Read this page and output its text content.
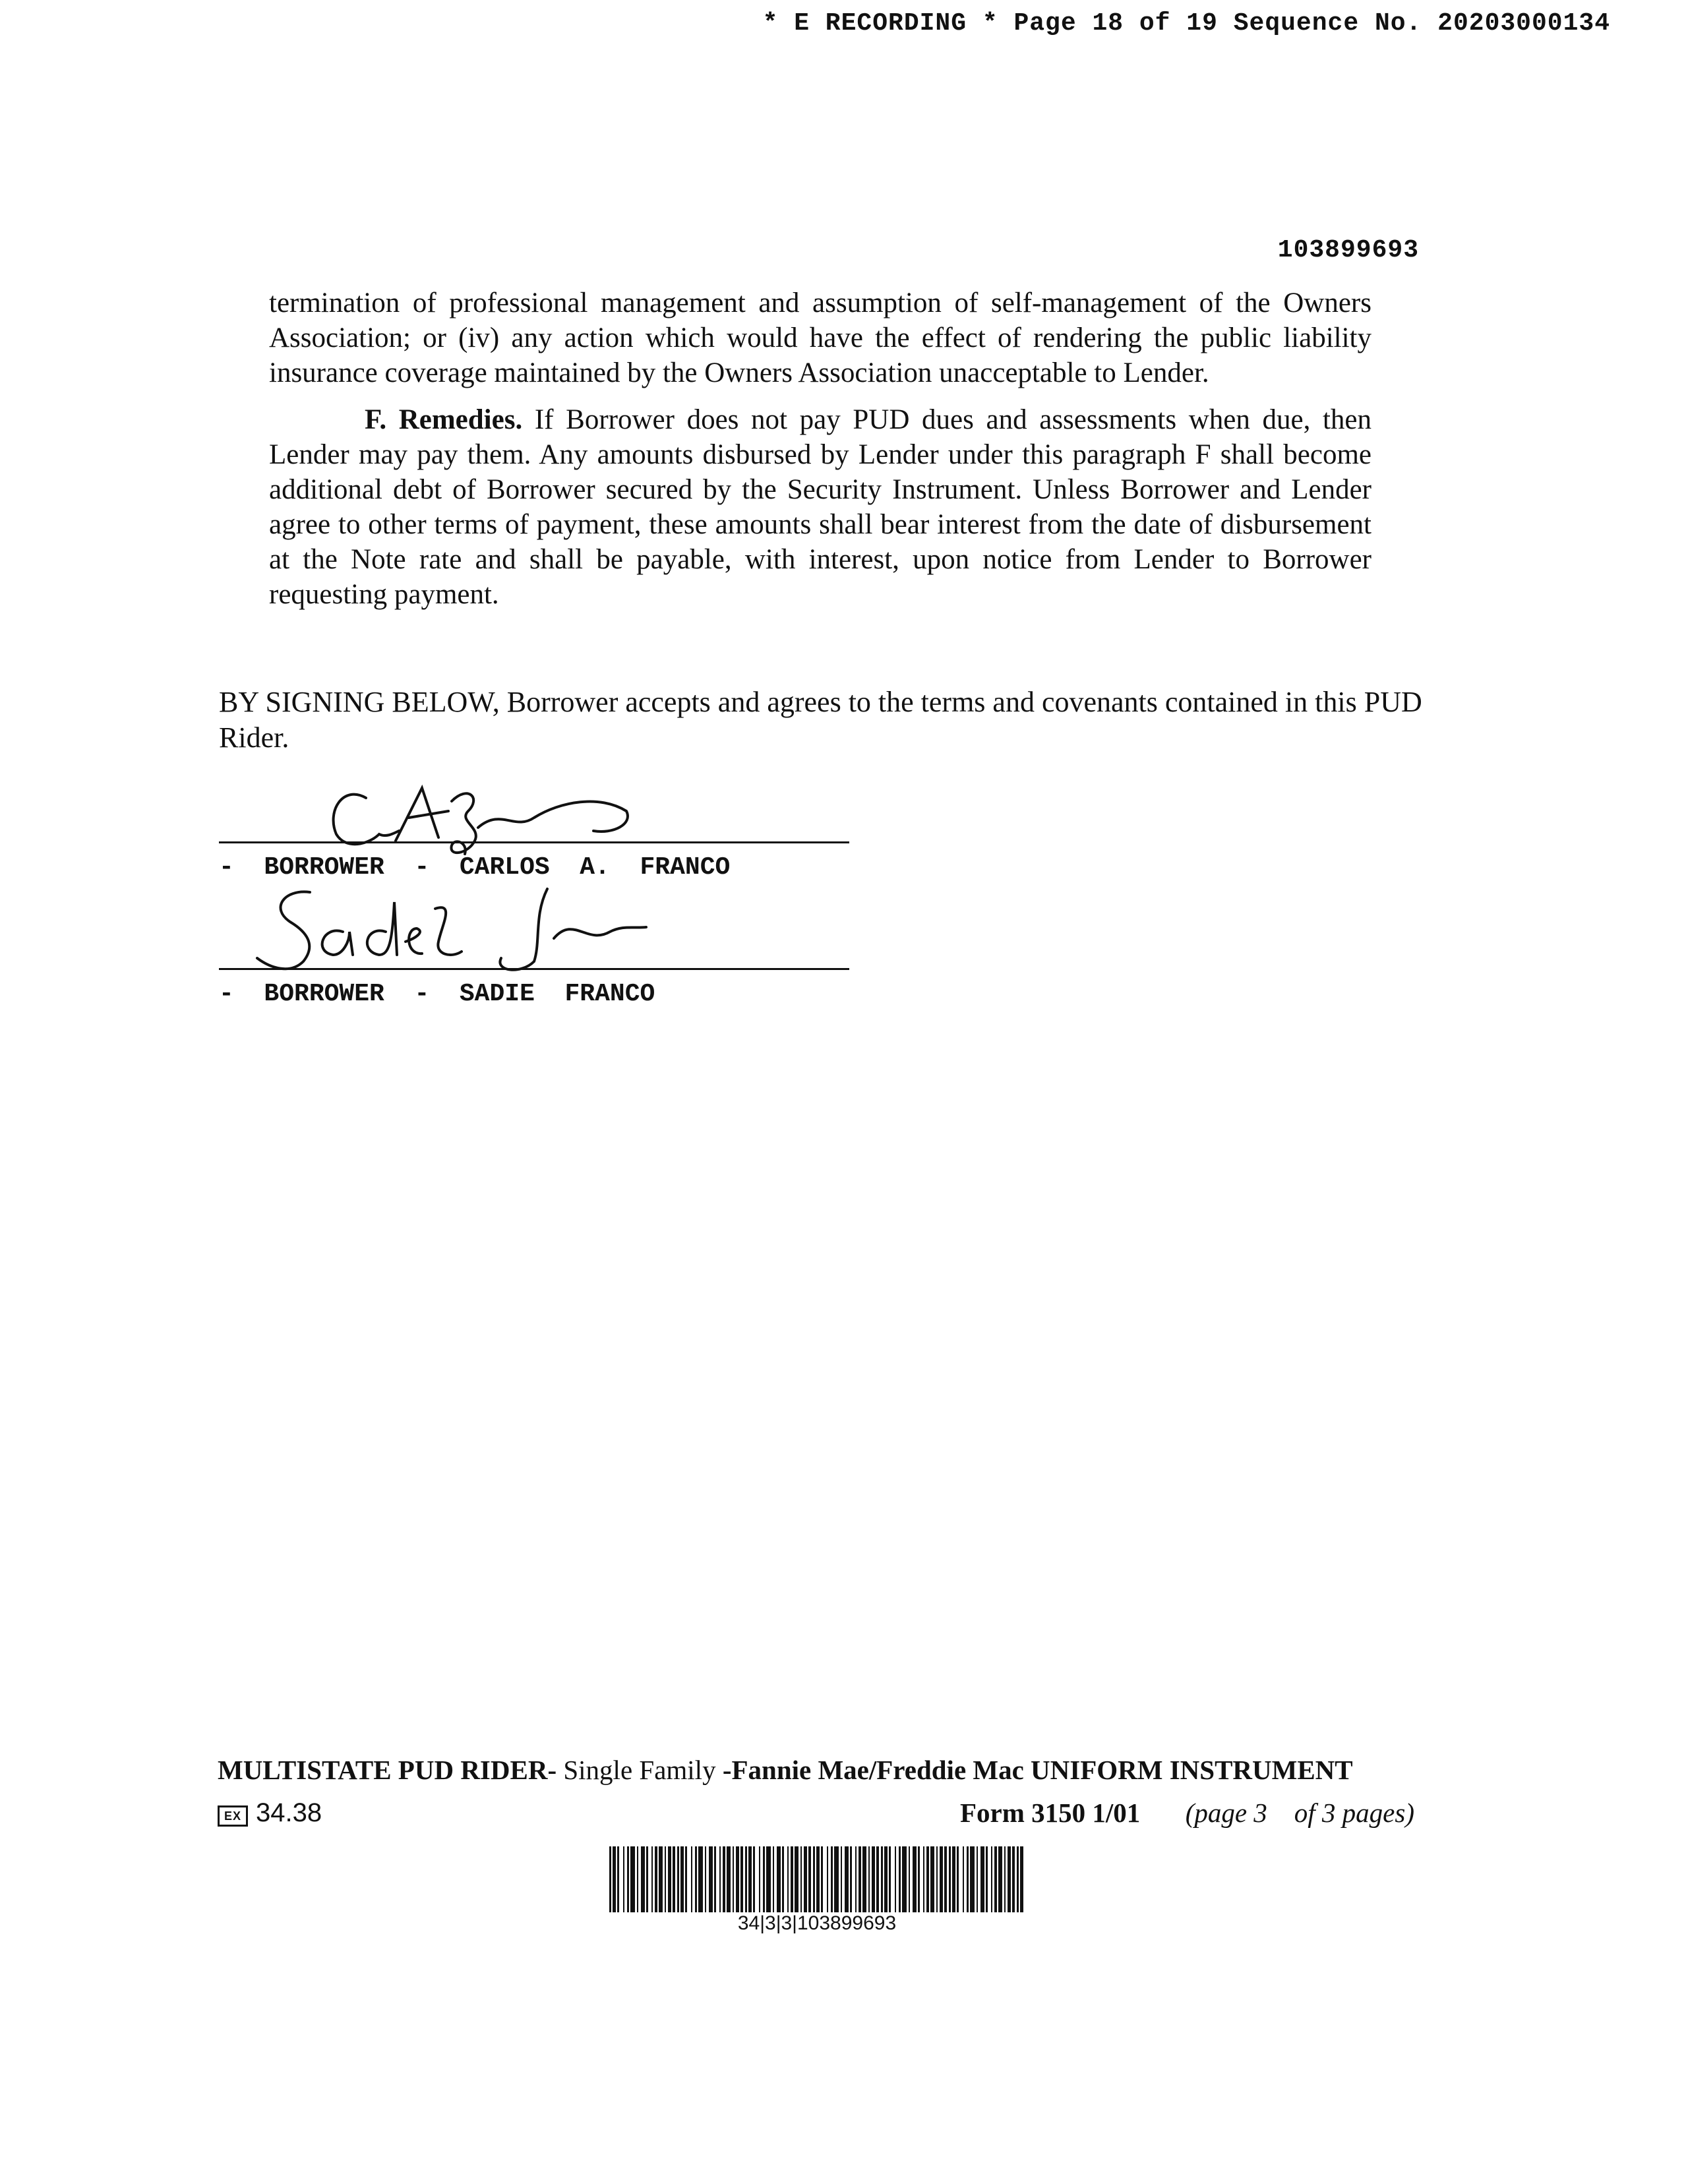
* E RECORDING * Page 18 of 19 Sequence No. 20203000134
103899693
termination of professional management and assumption of self-management of the Owners Association; or (iv) any action which would have the effect of rendering the public liability insurance coverage maintained by the Owners Association unacceptable to Lender.
F. Remedies. If Borrower does not pay PUD dues and assessments when due, then Lender may pay them. Any amounts disbursed by Lender under this paragraph F shall become additional debt of Borrower secured by the Security Instrument. Unless Borrower and Lender agree to other terms of payment, these amounts shall bear interest from the date of disbursement at the Note rate and shall be payable, with interest, upon notice from Lender to Borrower requesting payment.
BY SIGNING BELOW, Borrower accepts and agrees to the terms and covenants contained in this PUD Rider.
-  BORROWER  -  CARLOS  A.  FRANCO
-  BORROWER  -  SADIE  FRANCO
MULTISTATE PUD RIDER- Single Family -Fannie Mae/Freddie Mac UNIFORM INSTRUMENT
EX 34.38	Form 3150 1/01 (page 3    of 3 pages)
34|3|3|103899693
